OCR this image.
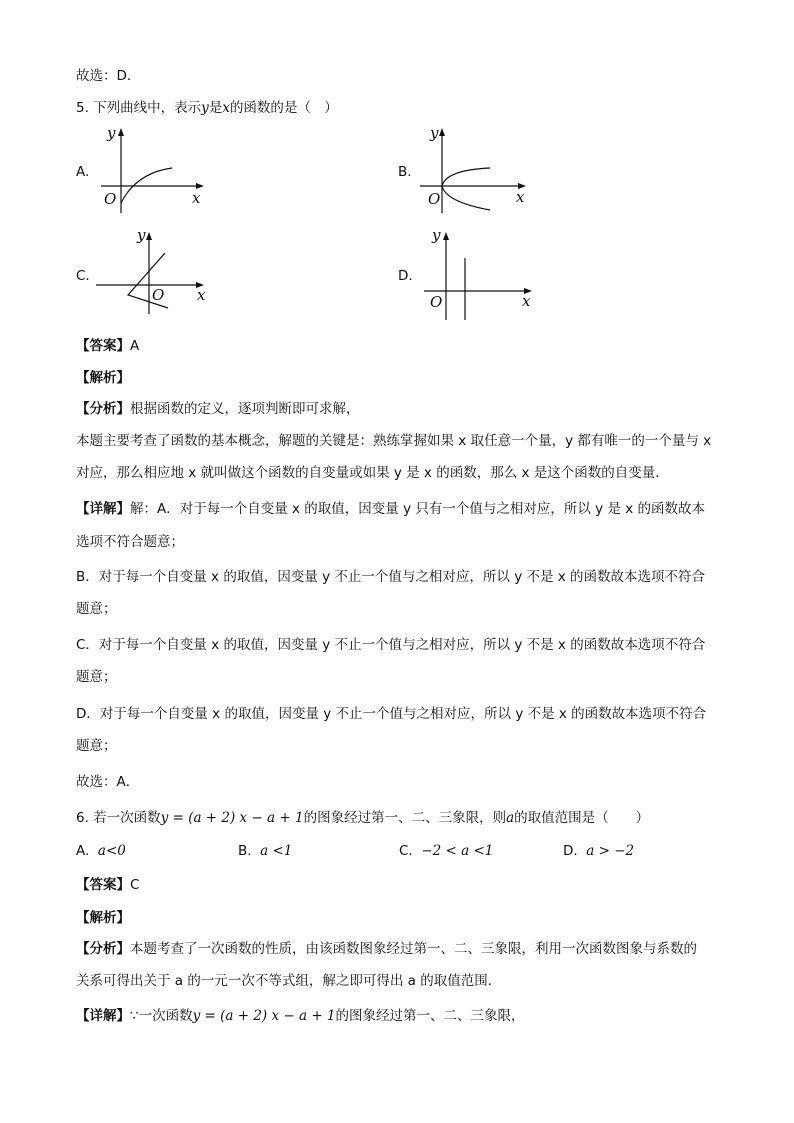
故选：D．
5. 下列曲线中，表示y是x的函数的是（　）
A.	B.
C.	D.
y
x
O
y
x
O
y
x
O
y
x
O
【答案】A
【解析】
【分析】根据函数的定义，逐项判断即可求解，
本题主要考查了函数的基本概念，解题的关键是：熟练掌握如果 x 取任意一个量，y 都有唯一的一个量与 x
对应，那么相应地 x 就叫做这个函数的自变量或如果 y 是 x 的函数，那么 x 是这个函数的自变量．
【详解】解：A．对于每一个自变量 x 的取值，因变量 y 只有一个值与之相对应，所以 y 是 x 的函数故本
选项不符合题意；
B．对于每一个自变量 x 的取值，因变量 y 不止一个值与之相对应，所以 y 不是 x 的函数故本选项不符合
题意；
C．对于每一个自变量 x 的取值，因变量 y 不止一个值与之相对应，所以 y 不是 x 的函数故本选项不符合
题意；
D．对于每一个自变量 x 的取值，因变量 y 不止一个值与之相对应，所以 y 不是 x 的函数故本选项不符合
题意；
故选：A．
6. 若一次函数y = (a + 2) x − a + 1的图象经过第一、二、三象限，则a的取值范围是（　　）
A. a<0	B. a <1	C. −2 < a <1	D. a > −2
【答案】C
【解析】
【分析】本题考查了一次函数的性质，由该函数图象经过第一、二、三象限，利用一次函数图象与系数的
关系可得出关于 a 的一元一次不等式组，解之即可得出 a 的取值范围．
【详解】∵一次函数y = (a + 2) x − a + 1的图象经过第一、二、三象限，
